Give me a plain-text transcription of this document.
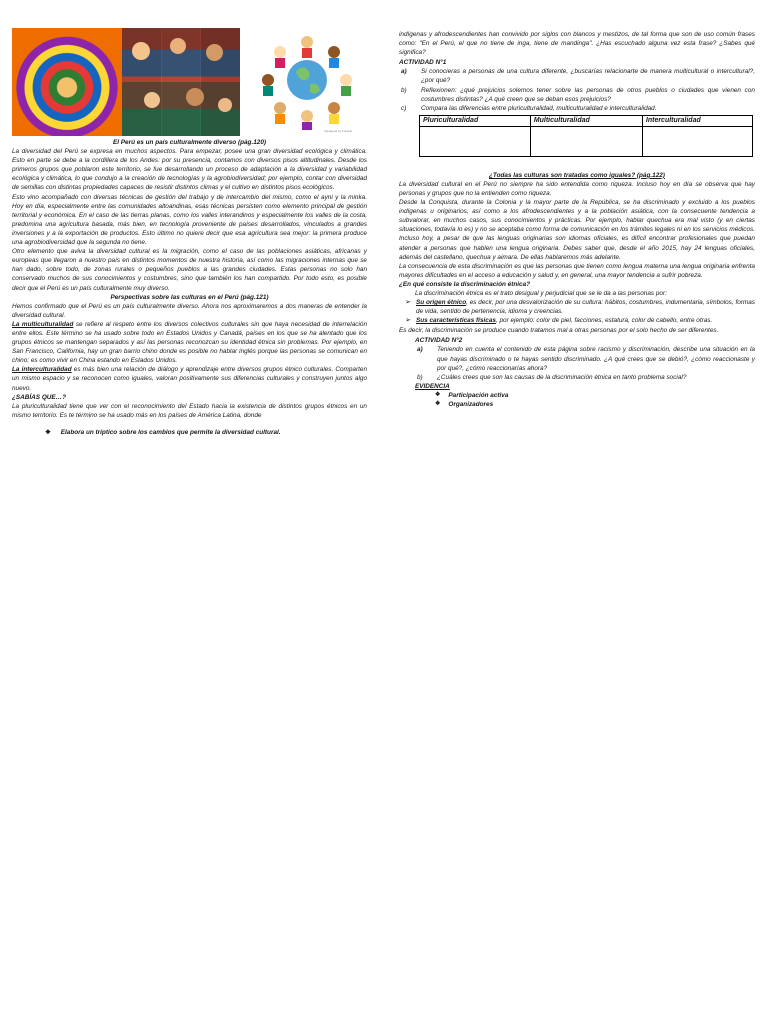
Designed by Freepik
El Perú es un país culturalmente diverso (pág.120)

La diversidad del Perú se expresa en muchos aspectos. Para empezar, posee una gran diversidad ecológica y climática. Esto en parte se debe a la cordillera de los Andes: por su presencia, contamos con diversos pisos altitudinales. Desde los primeros grupos que poblaron este territorio, se fue desarrollando un proceso de adaptación a la diversidad y variabilidad ecológica y climática, lo que condujo a la creación de tecnologías y la agrobiodiversidad; por ejemplo, contar con diversidad de semillas con distintas propiedades capaces de resistir distintos climas y el cultivo en distintos pisos ecológicos.

Esto vino acompañado con diversas técnicas de gestión del trabajo y de intercambio del mismo, como el ayni y la minka. Hoy en día, especialmente entre las comunidades altoandinas, esas técnicas persisten como elemento principal de gestión territorial y económica. En el caso de las tierras planas, como los valles interandinos y especialmente los valles de la costa, predomina una agricultura basada, más bien, en tecnología proveniente de países desarrollados, vinculados a grandes inversiones y a la exportación de productos. Esto último no quiere decir que esa agricultura sea mejor: la primera produce una agrobiodiversidad que la segunda no tiene.

Otro elemento que aviva la diversidad cultural es la migración, como el caso de las poblaciones asiáticas, africanas y europeas que llegaron a nuestro país en distintos momentos de nuestra historia, así como las migraciones internas que se han dado, sobre todo, de zonas rurales o pequeños pueblos a las grandes ciudades. Estas personas no solo han conservado muchos de sus conocimientos y costumbres, sino que también los han compartido. Por todo esto, es posible decir que el Perú es un país culturalmente muy diverso.

Perspectivas sobre las culturas en el Perú (pág.121)

Hemos confirmado que el Perú es un país culturalmente diverso. Ahora nos aproximaremos a dos maneras de entender la diversidad cultural.

La multiculturalidad se refiere al respeto entre los diversos colectivos culturales sin que haya necesidad de interrelación entre ellos. Este término se ha usado sobre todo en Estados Unidos y Canadá, países en los que se ha alentado que los grupos étnicos se mantengan separados y así las personas reconozcan su identidad étnica sin problemas. Por ejemplo, en San Francisco, California, hay un gran barrio chino donde es posible no hablar inglés porque las personas se comunican en chino; es como vivir en China estando en Estados Unidos.

La interculturalidad es más bien una relación de diálogo y aprendizaje entre diversos grupos étnico culturales. Comparten un mismo espacio y se reconocen como iguales, valoran positivamente sus diferencias culturales y construyen juntos algo nuevo.

¿SABÍAS QUE…?

La pluriculturalidad tiene que ver con el reconocimiento del Estado hacia la existencia de distintos grupos étnicos en un mismo territorio. Es te término se ha usado más en los países de América Latina, donde

❖ Elabora un tríptico sobre los cambios que permite la diversidad cultural.

indígenas y afrodescendientes han convivido por siglos con blancos y mestizos, de tal forma que son de uso común frases como: "En el Perú, el que no tiene de inga, tiene de mandinga". ¿Has escuchado alguna vez esta frase? ¿Sabes qué significa?

ACTIVIDAD N°1

a)	Si conocieras a personas de una cultura diferente, ¿buscarías relacionarte de manera multicultural o intercultural?, ¿por qué?
b)	Reflexionen: ¿qué prejuicios solemos tener sobre las personas de otros pueblos o ciudades que vienen con costumbres distintas? ¿A qué creen que se deban esos prejuicios?
c)	Compara las diferencias entre pluriculturalidad, multiculturalidad e interculturalidad.
Pluriculturalidad	Multiculturalidad	Interculturalidad

¿Todas las culturas son tratadas como iguales? (pág.122)

La diversidad cultural en el Perú no siempre ha sido entendida como riqueza. Incluso hoy en día se observa que hay personas y grupos que no la entienden como riqueza.

Desde la Conquista, durante la Colonia y la mayor parte de la República, se ha discriminado y excluido a los pueblos indígenas u originarios, así como a los afrodescendientes y a la población asiática, con la consecuente tendencia a subvalorar, en muchos casos, sus conocimientos y prácticas. Por ejemplo, hablar quechua era mal visto (y en ciertas situaciones, todavía lo es) y no se aceptaba como forma de comunicación en los trámites legales ni en los servicios médicos. Incluso hoy, a pesar de que las lenguas originarias son idiomas oficiales, es difícil encontrar profesionales que puedan atender a personas que hablen una lengua originaria. Debes saber que, desde el año 2015, hay 24 lenguas oficiales, además del castellano, quechua y aimara. De ellas hablaremos más adelante.

La consecuencia de esta discriminación es que las personas que tienen como lengua materna una lengua originaria enfrenta mayores dificultades en el acceso a educación y salud y, en general, una mayor tendencia a sufrir pobreza.

¿En qué consiste la discriminación étnica?

La discriminación étnica es el trato desigual y perjudicial que se le da a las personas por:

➢ Su origen étnico, es decir, por una desvalorización de su cultura: hábitos, costumbres, indumentaria, símbolos, formas de vida, sentido de pertenencia, idioma y creencias.
➢ Sus características físicas, por ejemplo: color de piel, facciones, estatura, color de cabello, entre otras.

Es decir, la discriminación se produce cuando tratamos mal a otras personas por el solo hecho de ser diferentes.

ACTIVIDAD N°2

a)	Teniendo en cuenta el contenido de esta página sobre racismo y discriminación, describe una situación en la que hayas discriminado o te hayas sentido discriminado. ¿A qué crees que se debió?, ¿cómo reaccionaste y por qué?, ¿cómo reaccionarías ahora?
b)	¿Cuáles crees que son las causas de la discriminación étnica en tanto problema social?

EVIDENCIA

❖ Participación activa
❖ Organizadores
